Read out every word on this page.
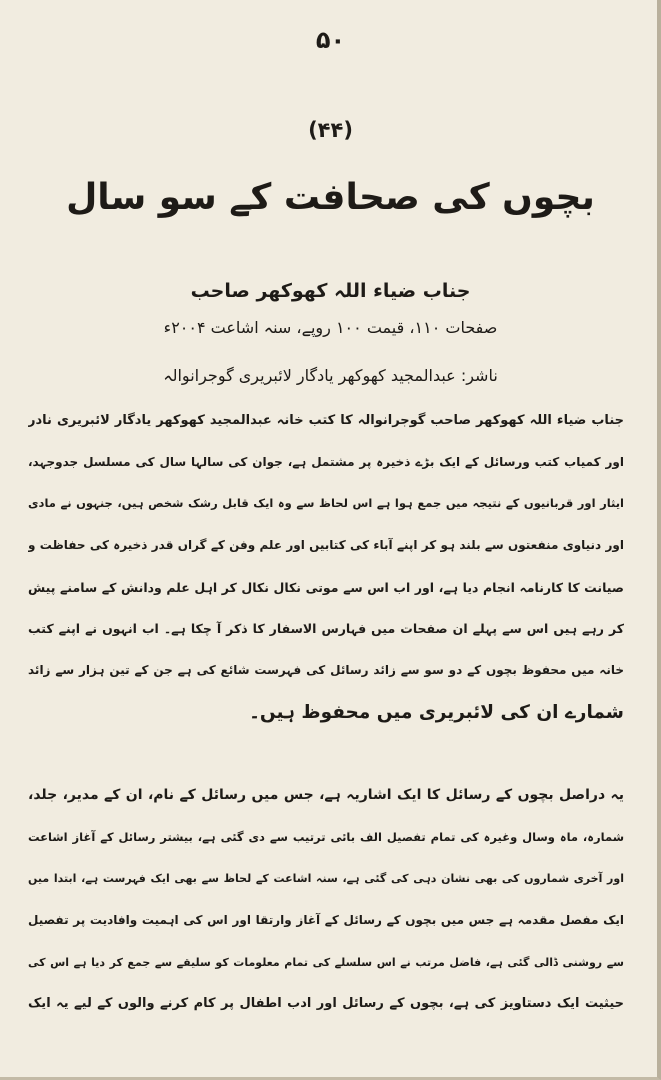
۵۰
(۴۴)
بچوں کی صحافت کے سو سال
جناب ضیاء اللہ کھوکھر صاحب
صفحات ۱۱۰، قیمت ۱۰۰ روپے، سنہ اشاعت ۲۰۰۴ء
ناشر: عبدالمجید کھوکھر یادگار لائبریری گوجرانوالہ
جناب ضیاء اللہ کھوکھر صاحب گوجرانوالہ کا کتب خانہ عبدالمجید کھوکھر یادگار لائبریری نادر
اور کمیاب کتب ورسائل کے ایک بڑے ذخیرہ پر مشتمل ہے، جوان کی سالہا سال کی مسلسل جدوجہد،
ایثار اور قربانیوں کے نتیجہ میں جمع ہوا ہے اس لحاظ سے وہ ایک قابل رشک شخص ہیں، جنہوں نے مادی
اور دنیاوی منفعتوں سے بلند ہو کر اپنے آباء کی کتابیں اور علم وفن کے گراں قدر ذخیرہ کی حفاظت و
صیانت کا کارنامہ انجام دیا ہے، اور اب اس سے موتی نکال نکال کر اہل علم ودانش کے سامنے پیش
کر رہے ہیں اس سے پہلے ان صفحات میں فہارس الاسفار کا ذکر آ چکا ہے۔ اب انہوں نے اپنے کتب
خانہ میں محفوظ بچوں کے دو سو سے زائد رسائل کی فہرست شائع کی ہے جن کے تین ہزار سے زائد
شمارے ان کی لائبریری میں محفوظ ہیں۔
یہ دراصل بچوں کے رسائل کا ایک اشاریہ ہے، جس میں رسائل کے نام، ان کے مدیر، جلد،
شمارہ، ماہ وسال وغیرہ کی تمام تفصیل الف بائی ترتیب سے دی گئی ہے، بیشتر رسائل کے آغاز اشاعت
اور آخری شماروں کی بھی نشان دہی کی گئی ہے، سنہ اشاعت کے لحاظ سے بھی ایک فہرست ہے، ابتدا میں
ایک مفصل مقدمہ ہے جس میں بچوں کے رسائل کے آغاز وارتقا اور اس کی اہمیت وافادیت پر تفصیل
سے روشنی ڈالی گئی ہے، فاضل مرتب نے اس سلسلے کی تمام معلومات کو سلیقے سے جمع کر دیا ہے اس کی
حیثیت ایک دستاویز کی ہے، بچوں کے رسائل اور ادب اطفال پر کام کرنے والوں کے لیے یہ ایک
